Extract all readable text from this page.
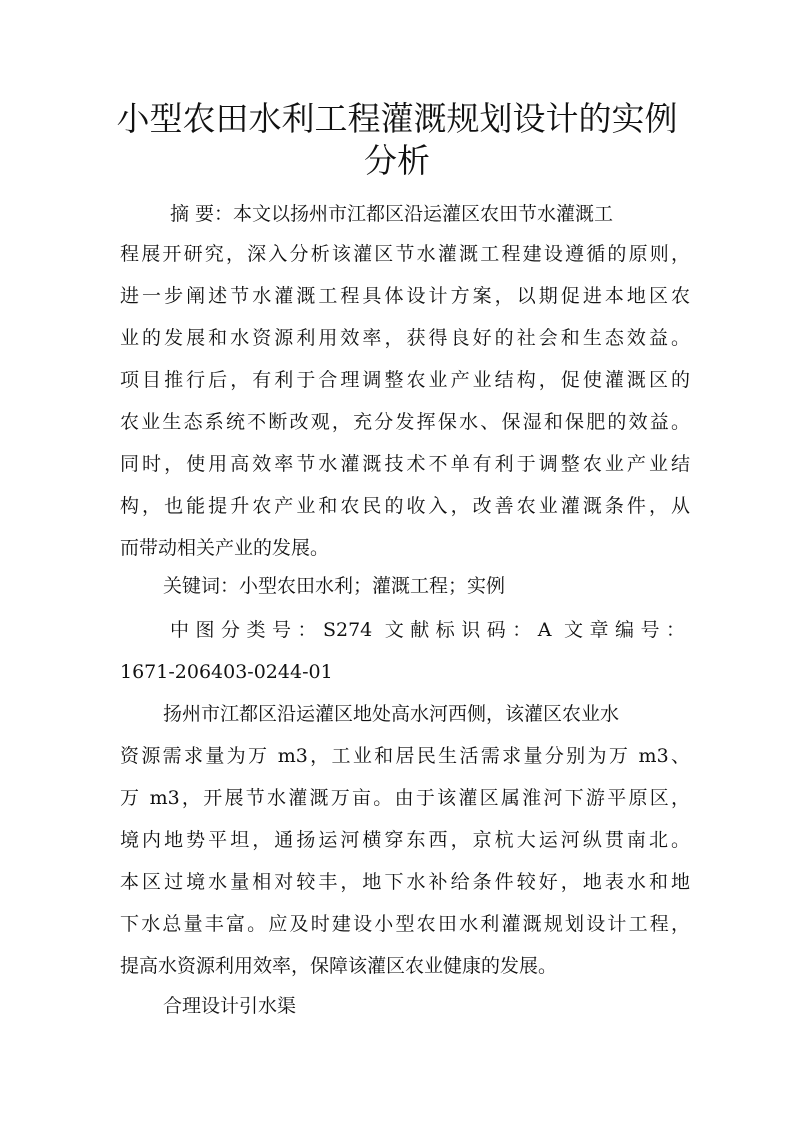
小型农田水利工程灌溉规划设计的实例
分析
摘 要：本文以扬州市江都区沿运灌区农田节水灌溉工
程展开研究，深入分析该灌区节水灌溉工程建设遵循的原则，
进一步阐述节水灌溉工程具体设计方案，以期促进本地区农
业的发展和水资源利用效率，获得良好的社会和生态效益。
项目推行后，有利于合理调整农业产业结构，促使灌溉区的
农业生态系统不断改观，充分发挥保水、保湿和保肥的效益。
同时，使用高效率节水灌溉技术不单有利于调整农业产业结
构，也能提升农产业和农民的收入，改善农业灌溉条件，从
而带动相关产业的发展。
关键词：小型农田水利；灌溉工程；实例
中图分类号：S274 文献标识码：A 文章编号：
1671-206403-0244-01
扬州市江都区沿运灌区地处高水河西侧，该灌区农业水
资源需求量为万 m3，工业和居民生活需求量分别为万 m3、
万 m3，开展节水灌溉万亩。由于该灌区属淮河下游平原区，
境内地势平坦，通扬运河横穿东西，京杭大运河纵贯南北。
本区过境水量相对较丰，地下水补给条件较好，地表水和地
下水总量丰富。应及时建设小型农田水利灌溉规划设计工程，
提高水资源利用效率，保障该灌区农业健康的发展。
合理设计引水渠
